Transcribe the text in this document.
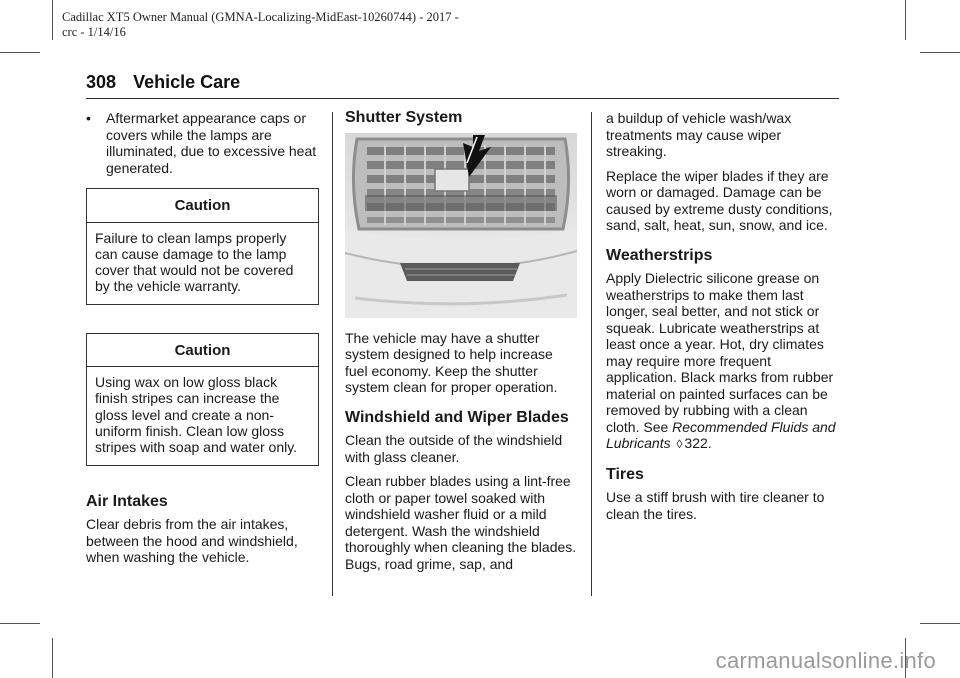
Cadillac XT5 Owner Manual (GMNA-Localizing-MidEast-10260744) - 2017 -
crc - 1/14/16
308 Vehicle Care
•	Aftermarket appearance caps or covers while the lamps are illuminated, due to excessive heat generated.
Caution
Failure to clean lamps properly can cause damage to the lamp cover that would not be covered by the vehicle warranty.
Caution
Using wax on low gloss black finish stripes can increase the gloss level and create a non-uniform finish. Clean low gloss stripes with soap and water only.
Air Intakes

Clear debris from the air intakes, between the hood and windshield, when washing the vehicle.

Shutter System

The vehicle may have a shutter system designed to help increase fuel economy. Keep the shutter system clean for proper operation.

Windshield and Wiper Blades

Clean the outside of the windshield with glass cleaner.

Clean rubber blades using a lint-free cloth or paper towel soaked with windshield washer fluid or a mild detergent. Wash the windshield thoroughly when cleaning the blades. Bugs, road grime, sap, and

a buildup of vehicle wash/wax treatments may cause wiper streaking.

Replace the wiper blades if they are worn or damaged. Damage can be caused by extreme dusty conditions, sand, salt, heat, sun, snow, and ice.

Weatherstrips

Apply Dielectric silicone grease on weatherstrips to make them last longer, seal better, and not stick or squeak. Lubricate weatherstrips at least once a year. Hot, dry climates may require more frequent application. Black marks from rubber material on painted surfaces can be removed by rubbing with a clean cloth. See Recommended Fluids and Lubricants ◊ 322.

Tires

Use a stiff brush with tire cleaner to clean the tires.

carmanualsonline.info
